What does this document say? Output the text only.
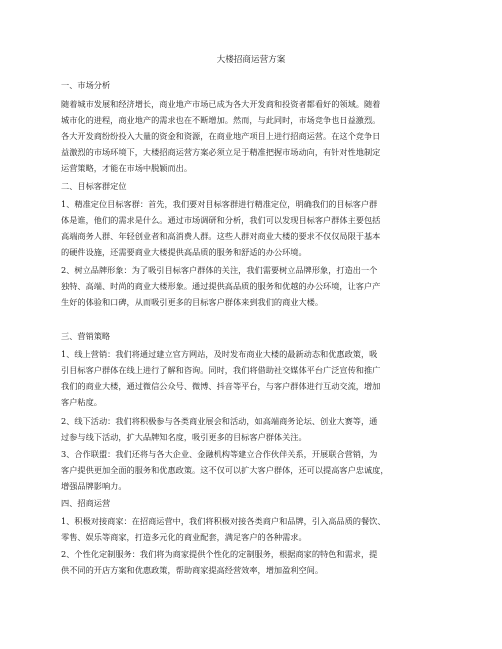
大楼招商运营方案
一、市场分析
随着城市发展和经济增长，商业地产市场已成为各大开发商和投资者都看好的领域。随着
城市化的进程，商业地产的需求也在不断增加。然而，与此同时，市场竞争也日益激烈。
各大开发商纷纷投入大量的资金和资源，在商业地产项目上进行招商运营。在这个竞争日
益激烈的市场环境下，大楼招商运营方案必须立足于精准把握市场动向，有针对性地制定
运营策略，才能在市场中脱颖而出。
二、目标客群定位
1、精准定位目标客群：首先，我们要对目标客群进行精准定位，明确我们的目标客户群
体是谁，他们的需求是什么。通过市场调研和分析，我们可以发现目标客户群体主要包括
高端商务人群、年轻创业者和高消费人群。这些人群对商业大楼的要求不仅仅局限于基本
的硬件设施，还需要商业大楼提供高品质的服务和舒适的办公环境。
2、树立品牌形象：为了吸引目标客户群体的关注，我们需要树立品牌形象，打造出一个
独特、高端、时尚的商业大楼形象。通过提供高品质的服务和优越的办公环境，让客户产
生好的体验和口碑，从而吸引更多的目标客户群体来到我们的商业大楼。
三、营销策略
1、线上营销：我们将通过建立官方网站，及时发布商业大楼的最新动态和优惠政策，吸
引目标客户群体在线上进行了解和咨询。同时，我们将借助社交媒体平台广泛宣传和推广
我们的商业大楼，通过微信公众号、微博、抖音等平台，与客户群体进行互动交流，增加
客户粘度。
2、线下活动：我们将积极参与各类商业展会和活动，如高端商务论坛、创业大赛等，通
过参与线下活动，扩大品牌知名度，吸引更多的目标客户群体关注。
3、合作联盟：我们还将与各大企业、金融机构等建立合作伙伴关系，开展联合营销，为
客户提供更加全面的服务和优惠政策。这不仅可以扩大客户群体，还可以提高客户忠诚度，
增强品牌影响力。
四、招商运营
1、积极对接商家：在招商运营中，我们将积极对接各类商户和品牌，引入高品质的餐饮、
零售、娱乐等商家，打造多元化的商业配套，满足客户的各种需求。
2、个性化定制服务：我们将为商家提供个性化的定制服务，根据商家的特色和需求，提
供不同的开店方案和优惠政策，帮助商家提高经营效率，增加盈利空间。
